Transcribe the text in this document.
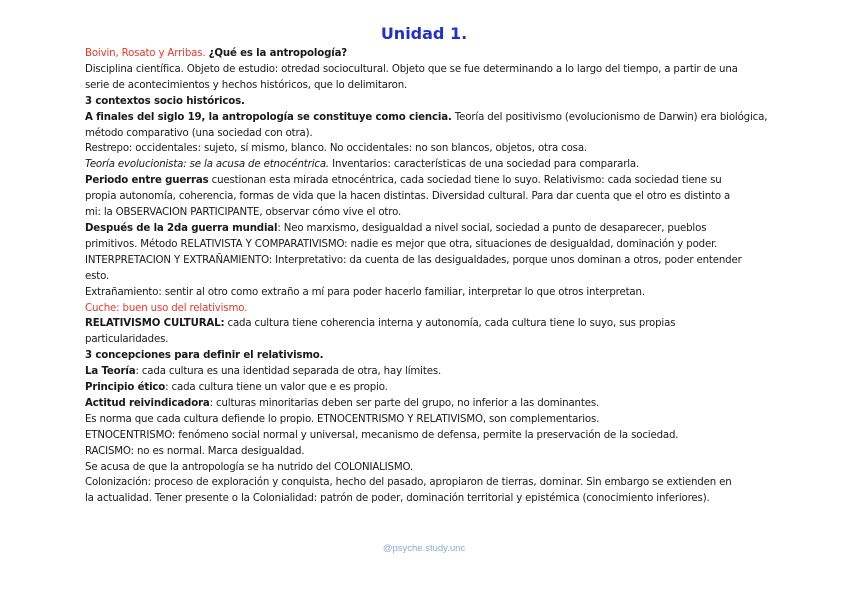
Unidad 1.
Boivin, Rosato y Arribas. ¿Qué es la antropología?
Disciplina científica. Objeto de estudio: otredad sociocultural. Objeto que se fue determinando a lo largo del tiempo, a partir de una
serie de acontecimientos y hechos históricos, que lo delimitaron.
3 contextos socio históricos.
A finales del siglo 19, la antropología se constituye como ciencia. Teoría del positivismo (evolucionismo de Darwin) era biológica,
método comparativo (una sociedad con otra).
Restrepo: occidentales: sujeto, sí mismo, blanco. No occidentales: no son blancos, objetos, otra cosa.
Teoría evolucionista: se la acusa de etnocéntrica. Inventarios: características de una sociedad para compararla.
Periodo entre guerras cuestionan esta mirada etnocéntrica, cada sociedad tiene lo suyo. Relativismo: cada sociedad tiene su
propia autonomía, coherencia, formas de vida que la hacen distintas. Diversidad cultural. Para dar cuenta que el otro es distinto a
mi: la OBSERVACION PARTICIPANTE, observar cómo vive el otro.
Después de la 2da guerra mundial: Neo marxismo, desigualdad a nivel social, sociedad a punto de desaparecer, pueblos
primitivos. Método RELATIVISTA Y COMPARATIVISMO: nadie es mejor que otra, situaciones de desigualdad, dominación y poder.
INTERPRETACION Y EXTRAÑAMIENTO: Interpretativo: da cuenta de las desigualdades, porque unos dominan a otros, poder entender
esto.
Extrañamiento: sentir al otro como extraño a mí para poder hacerlo familiar, interpretar lo que otros interpretan.
Cuche: buen uso del relativismo.
RELATIVISMO CULTURAL: cada cultura tiene coherencia interna y autonomía, cada cultura tiene lo suyo, sus propias
particularidades.
3 concepciones para definir el relativismo.
La Teoría: cada cultura es una identidad separada de otra, hay límites.
Principio ético: cada cultura tiene un valor que e es propio.
Actitud reivindicadora: culturas minoritarias deben ser parte del grupo, no inferior a las dominantes.
Es norma que cada cultura defiende lo propio. ETNOCENTRISMO Y RELATIVISMO, son complementarios.
ETNOCENTRISMO: fenómeno social normal y universal, mecanismo de defensa, permite la preservación de la sociedad.
RACISMO: no es normal. Marca desigualdad.
Se acusa de que la antropología se ha nutrido del COLONIALISMO.
Colonización: proceso de exploración y conquista, hecho del pasado, apropiaron de tierras, dominar. Sin embargo se extienden en
la actualidad. Tener presente o la Colonialidad: patrón de poder, dominación territorial y epistémica (conocimiento inferiores).
@psyche.study.unc
